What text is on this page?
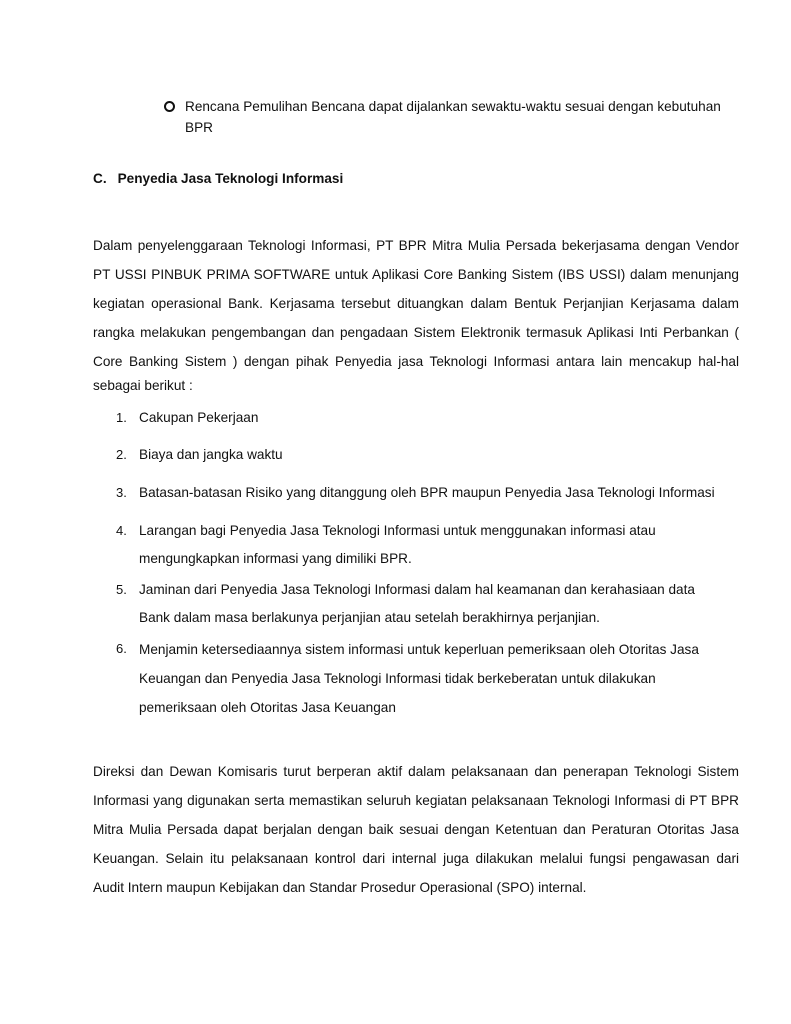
Rencana Pemulihan Bencana dapat dijalankan sewaktu-waktu sesuai dengan kebutuhan BPR
C. Penyedia Jasa Teknologi Informasi
Dalam penyelenggaraan Teknologi Informasi, PT BPR Mitra Mulia Persada bekerjasama dengan Vendor PT USSI PINBUK PRIMA SOFTWARE untuk Aplikasi Core Banking Sistem (IBS USSI) dalam menunjang kegiatan operasional Bank. Kerjasama tersebut dituangkan dalam Bentuk Perjanjian Kerjasama dalam rangka melakukan pengembangan dan pengadaan Sistem Elektronik termasuk Aplikasi Inti Perbankan ( Core Banking Sistem ) dengan pihak Penyedia jasa Teknologi Informasi antara lain mencakup hal-hal
sebagai berikut :
1. Cakupan Pekerjaan
2. Biaya dan jangka waktu
3. Batasan-batasan Risiko yang ditanggung oleh BPR maupun Penyedia Jasa Teknologi Informasi
4. Larangan bagi Penyedia Jasa Teknologi Informasi untuk menggunakan informasi atau mengungkapkan informasi yang dimiliki BPR.
5. Jaminan dari Penyedia Jasa Teknologi Informasi dalam hal keamanan dan kerahasiaan data Bank dalam masa berlakunya perjanjian atau setelah berakhirnya perjanjian.
6. Menjamin ketersediaannya sistem informasi untuk keperluan pemeriksaan oleh Otoritas Jasa Keuangan dan Penyedia Jasa Teknologi Informasi tidak berkeberatan untuk dilakukan pemeriksaan oleh Otoritas Jasa Keuangan
Direksi dan Dewan Komisaris turut berperan aktif dalam pelaksanaan dan penerapan Teknologi Sistem Informasi yang digunakan serta memastikan seluruh kegiatan pelaksanaan Teknologi Informasi di PT BPR Mitra Mulia Persada dapat berjalan dengan baik sesuai dengan Ketentuan dan Peraturan Otoritas Jasa Keuangan. Selain itu pelaksanaan kontrol dari internal juga dilakukan melalui fungsi pengawasan dari
Audit Intern maupun Kebijakan dan Standar Prosedur Operasional (SPO) internal.
